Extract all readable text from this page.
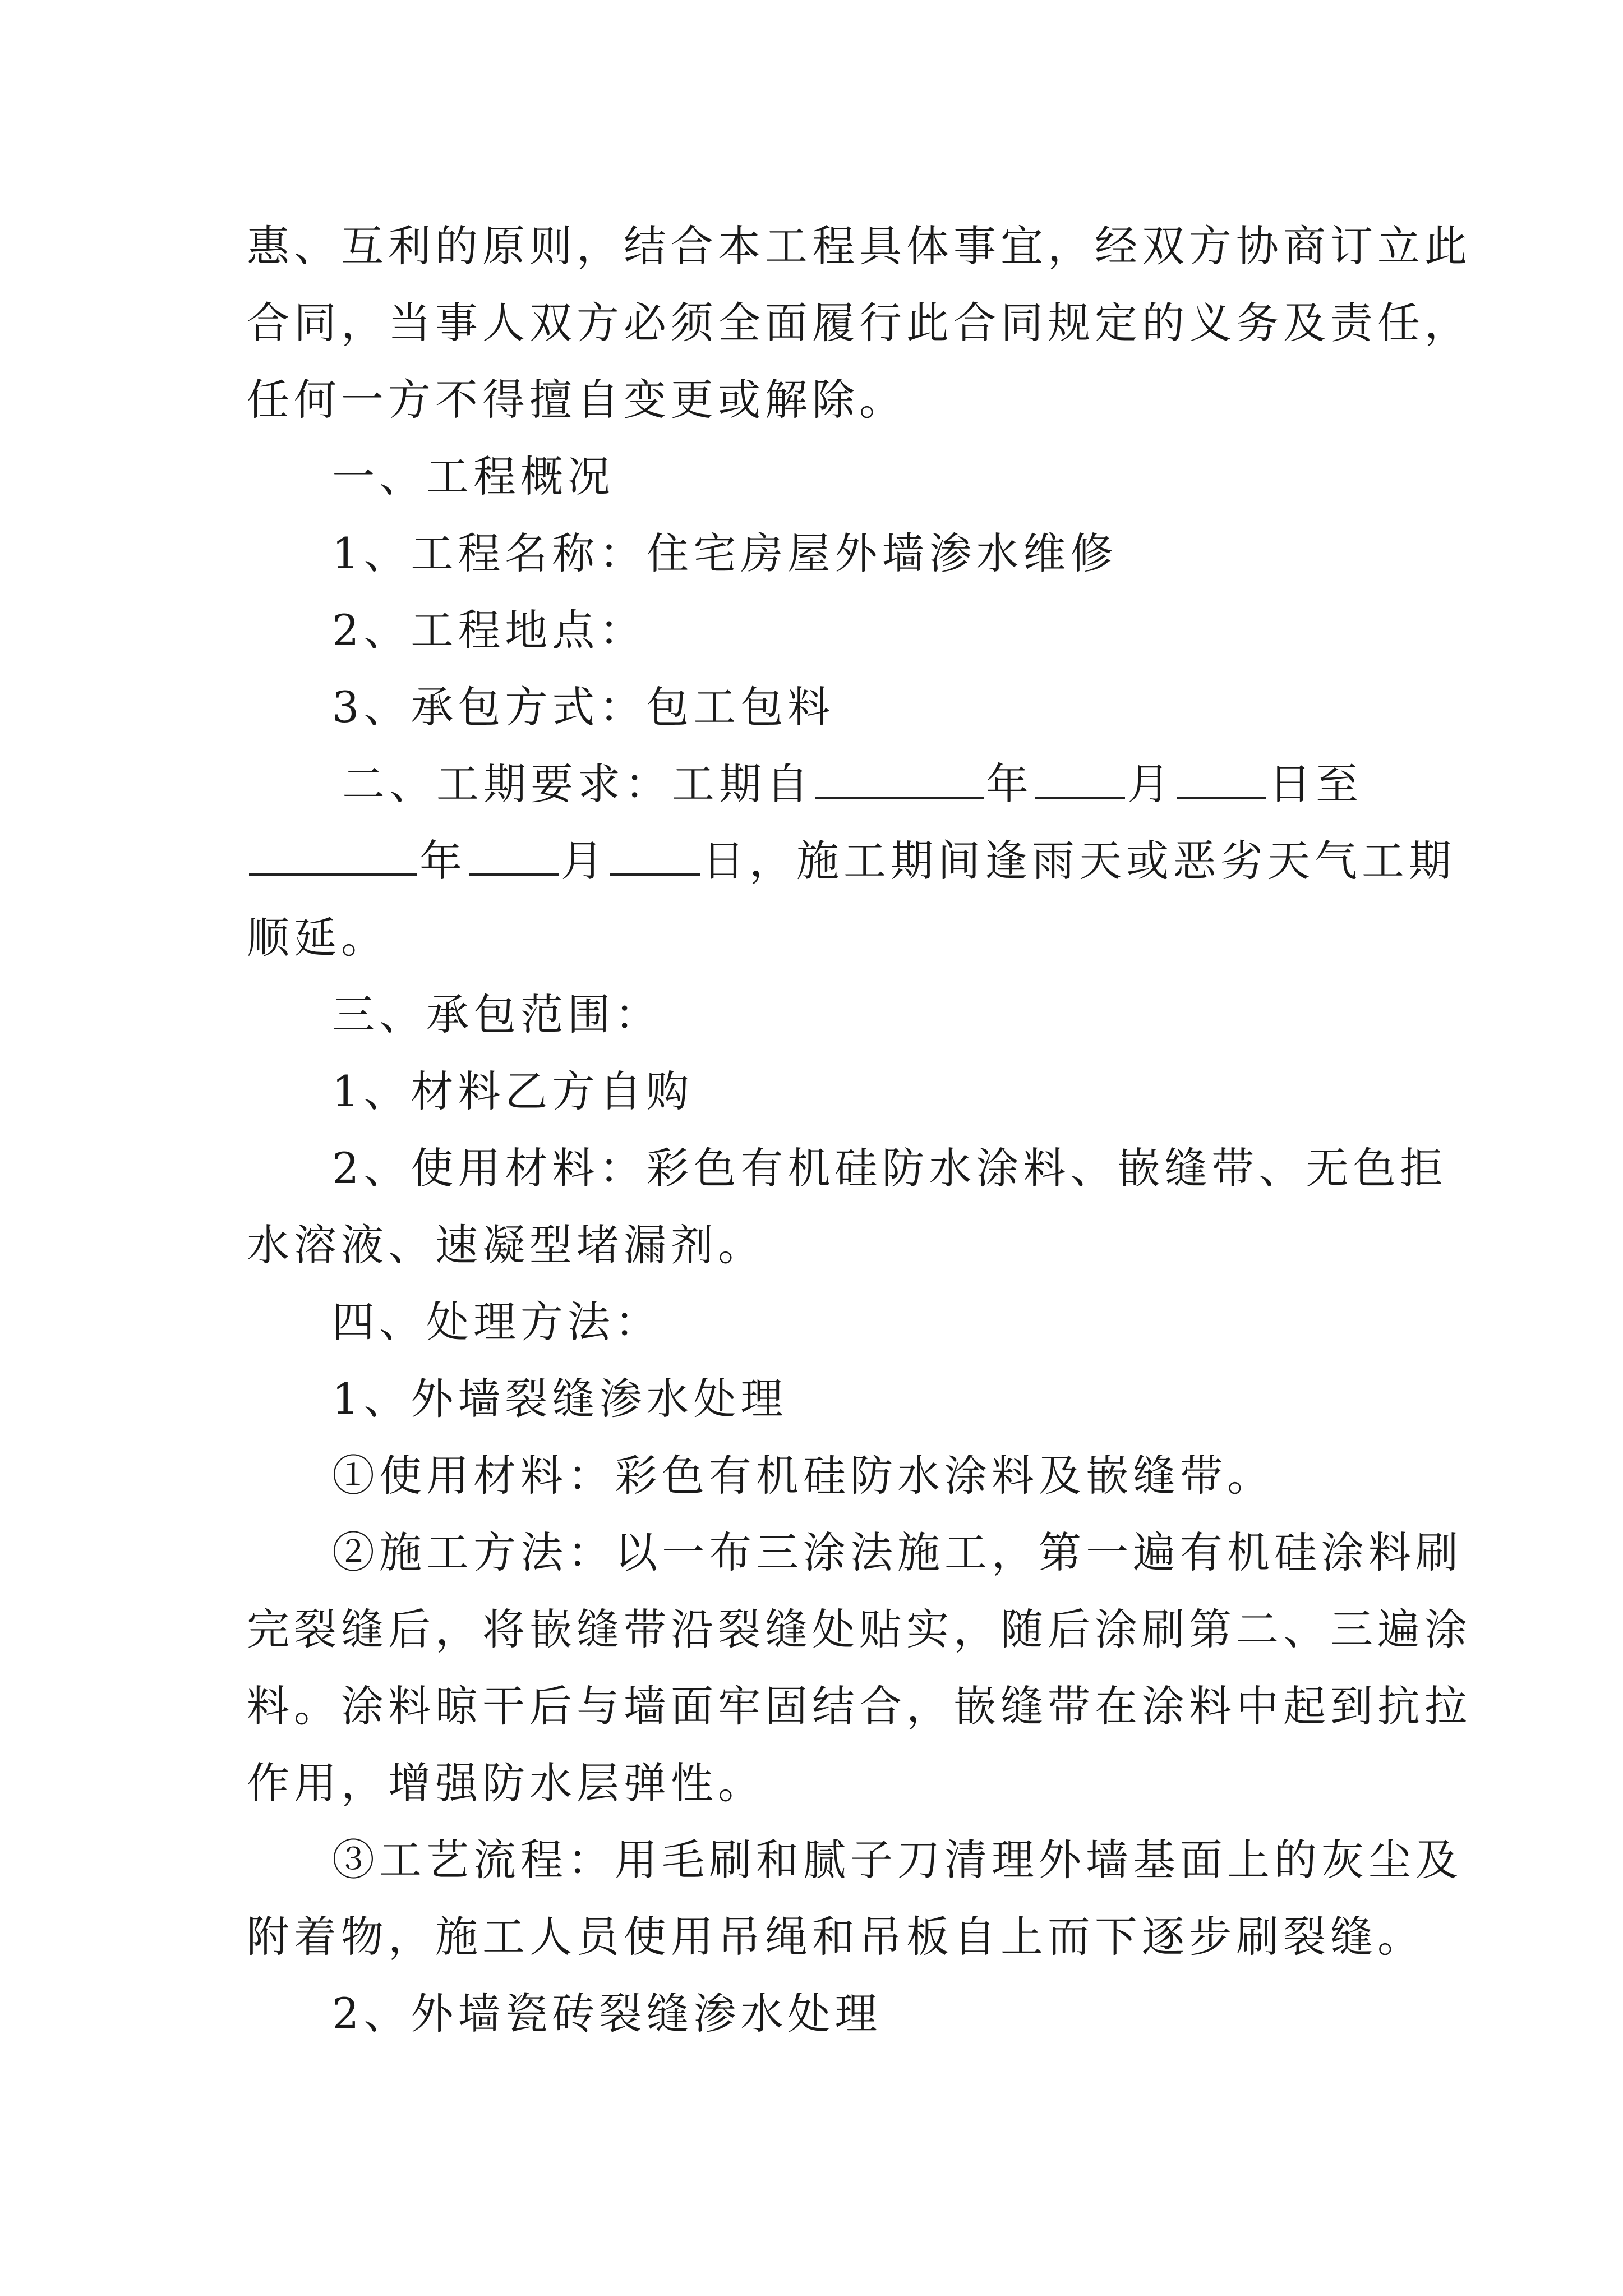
惠、互利的原则，结合本工程具体事宜，经双方协商订立此

合同，当事人双方必须全面履行此合同规定的义务及责任，

任何一方不得擅自变更或解除。

一、工程概况

1、工程名称：住宅房屋外墙渗水维修

2、工程地点：

3、承包方式：包工包料

二、工期要求：工期自	年 月 日至

年 月 日，施工期间逢雨天或恶劣天气工期

顺延。

三、承包范围：

1、材料乙方自购

2、使用材料：彩色有机硅防水涂料、嵌缝带、无色拒

水溶液、速凝型堵漏剂。

四、处理方法：

1、外墙裂缝渗水处理

①使用材料：彩色有机硅防水涂料及嵌缝带。

②施工方法：以一布三涂法施工，第一遍有机硅涂料刷

完裂缝后，将嵌缝带沿裂缝处贴实，随后涂刷第二、三遍涂

料。涂料晾干后与墙面牢固结合，嵌缝带在涂料中起到抗拉

作用，增强防水层弹性。

③工艺流程：用毛刷和腻子刀清理外墙基面上的灰尘及

附着物，施工人员使用吊绳和吊板自上而下逐步刷裂缝。

2、外墙瓷砖裂缝渗水处理
